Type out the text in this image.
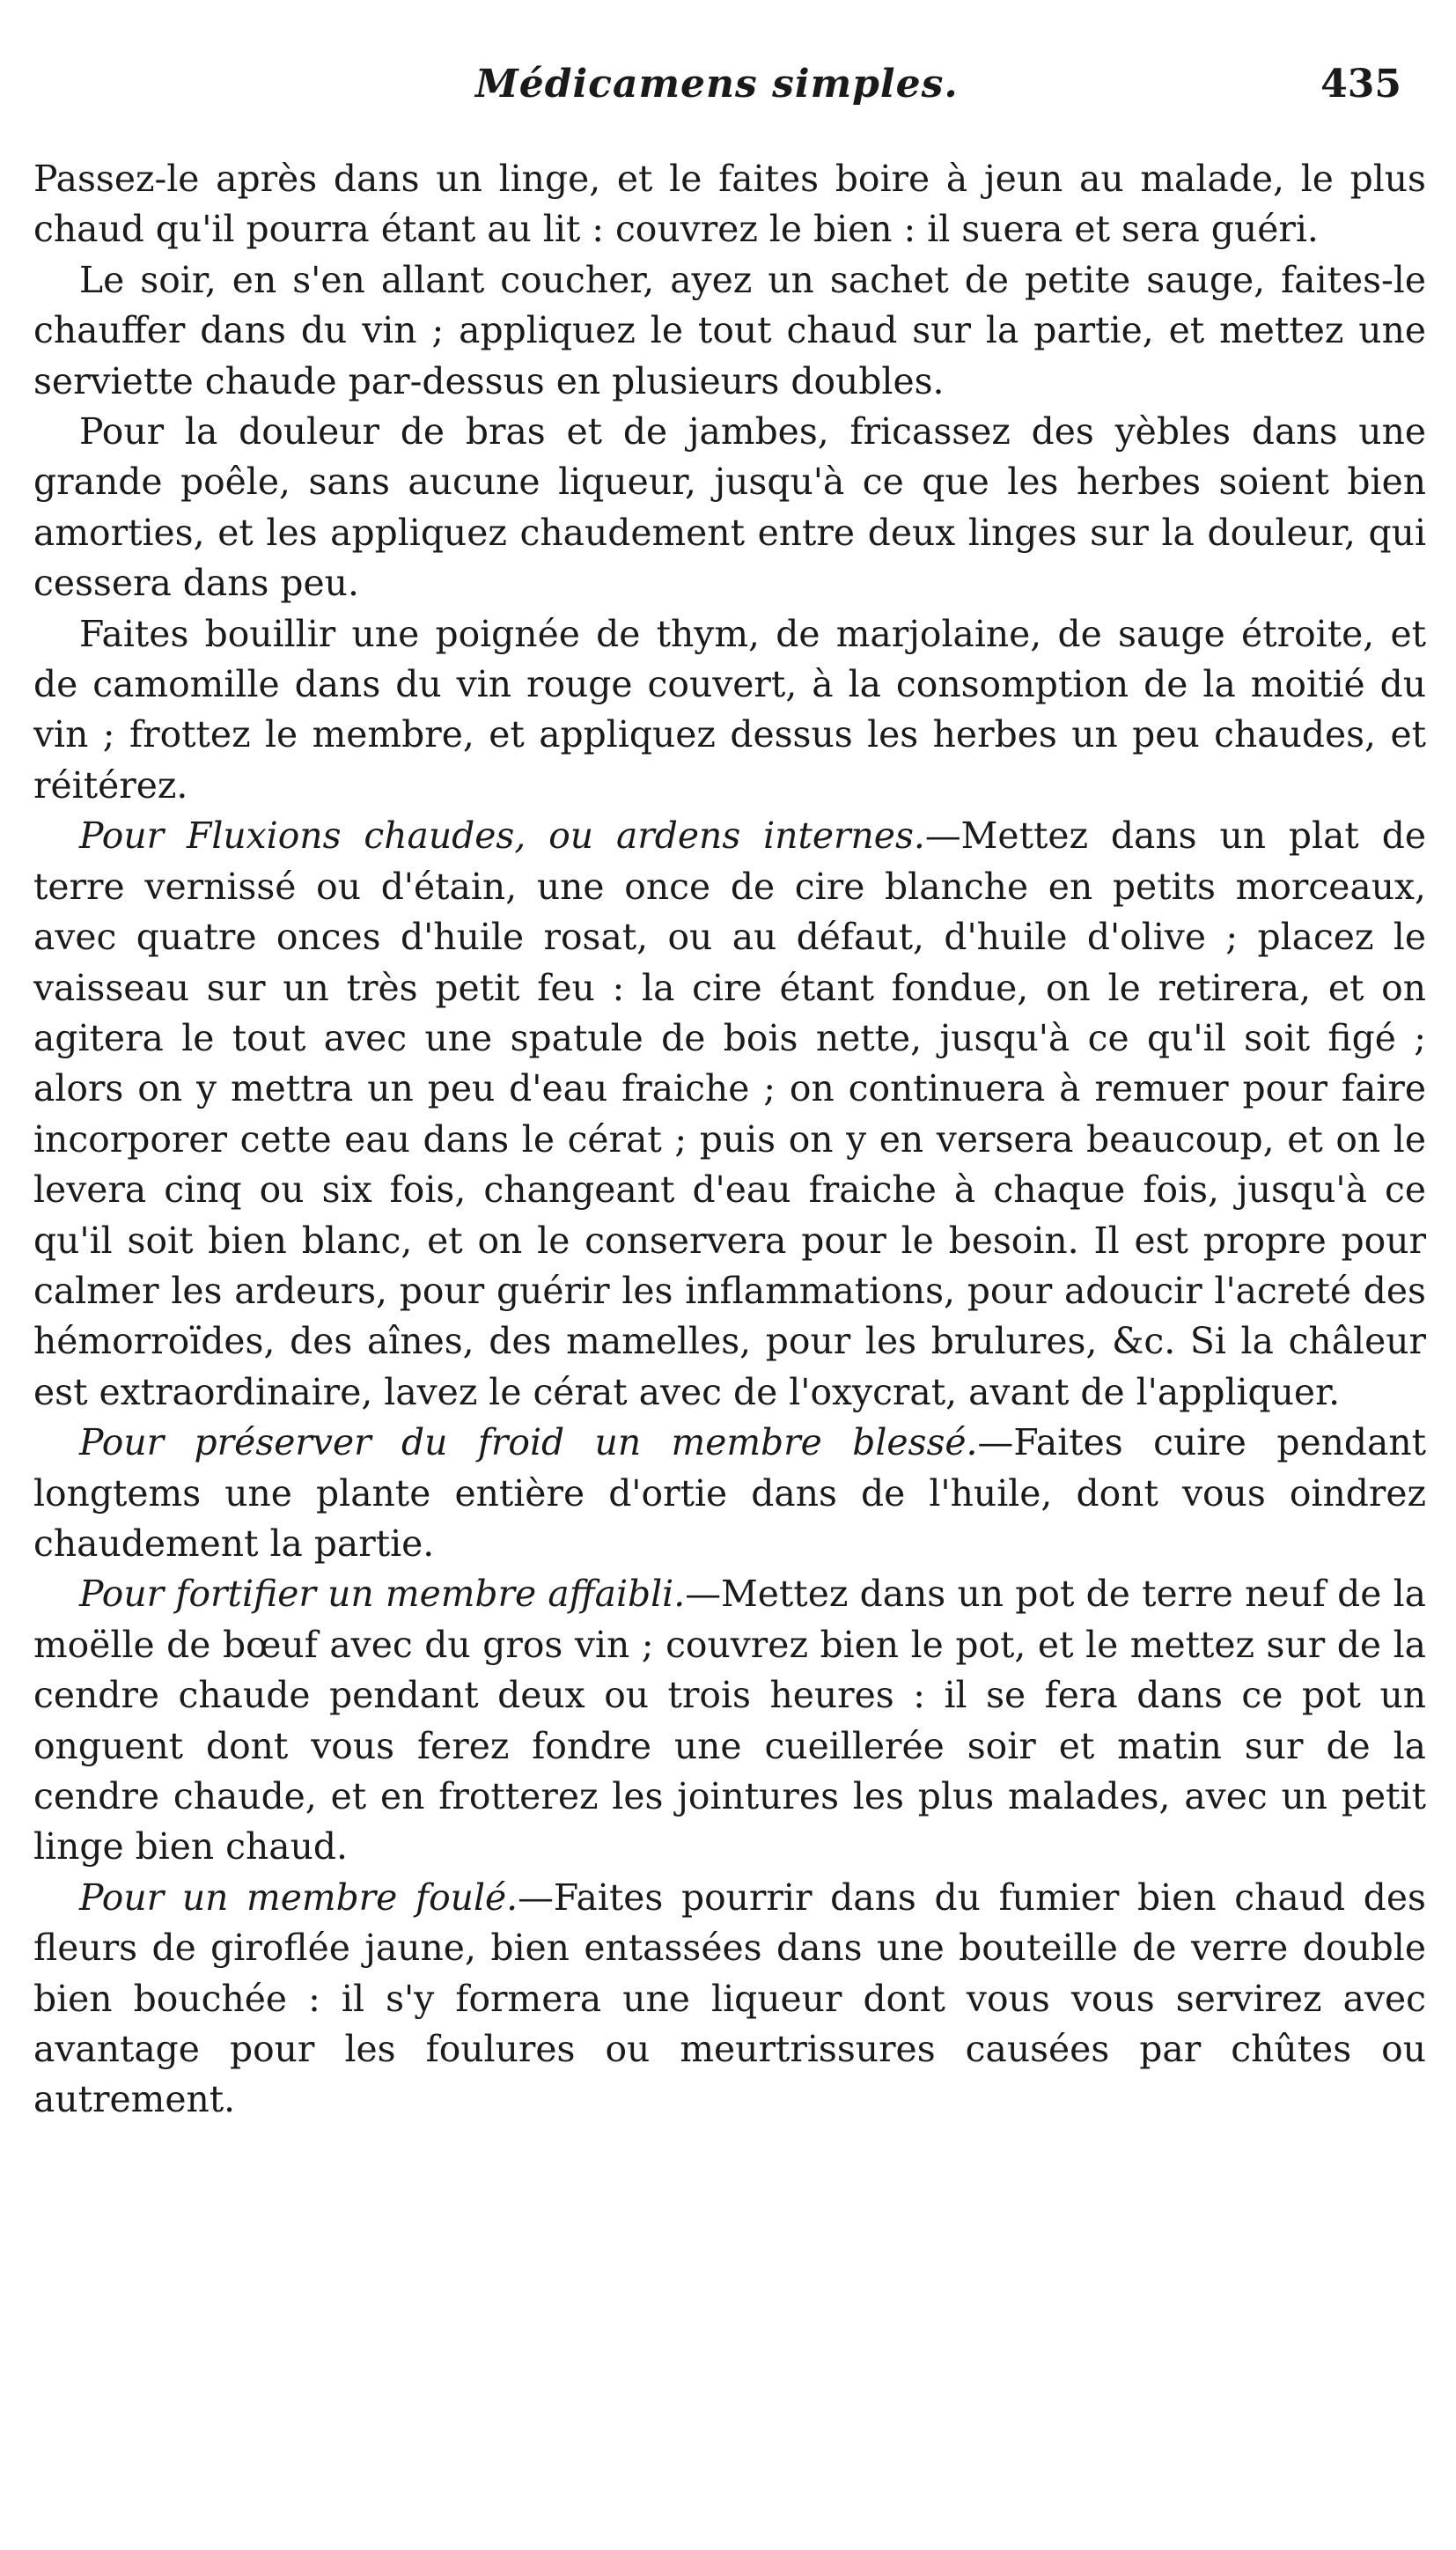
Médicamens simples.	435

Passez-le après dans un linge, et le faites boire à jeun au malade, le plus chaud qu'il pourra étant au lit : couvrez le bien : il suera et sera guéri.

Le soir, en s'en allant coucher, ayez un sachet de petite sauge, faites-le chauffer dans du vin ; appliquez le tout chaud sur la partie, et mettez une serviette chaude par-dessus en plusieurs doubles.

Pour la douleur de bras et de jambes, fricassez des yèbles dans une grande poêle, sans aucune liqueur, jusqu'à ce que les herbes soient bien amorties, et les appliquez chaudement entre deux linges sur la douleur, qui cessera dans peu.

Faites bouillir une poignée de thym, de marjolaine, de sauge étroite, et de camomille dans du vin rouge couvert, à la consomption de la moitié du vin ; frottez le membre, et appliquez dessus les herbes un peu chaudes, et réitérez.

Pour Fluxions chaudes, ou ardens internes.—Mettez dans un plat de terre vernissé ou d'étain, une once de cire blanche en petits morceaux, avec quatre onces d'huile rosat, ou au défaut, d'huile d'olive ; placez le vaisseau sur un très petit feu : la cire étant fondue, on le retirera, et on agitera le tout avec une spatule de bois nette, jusqu'à ce qu'il soit figé ; alors on y mettra un peu d'eau fraiche ; on continuera à remuer pour faire incorporer cette eau dans le cérat ; puis on y en versera beaucoup, et on le levera cinq ou six fois, changeant d'eau fraiche à chaque fois, jusqu'à ce qu'il soit bien blanc, et on le conservera pour le besoin. Il est propre pour calmer les ardeurs, pour guérir les inflammations, pour adoucir l'acreté des hémorroïdes, des aînes, des mamelles, pour les brulures, &c. Si la châleur est extraordinaire, lavez le cérat avec de l'oxycrat, avant de l'appliquer.

Pour préserver du froid un membre blessé.—Faites cuire pendant longtems une plante entière d'ortie dans de l'huile, dont vous oindrez chaudement la partie.

Pour fortifier un membre affaibli.—Mettez dans un pot de terre neuf de la moëlle de bœuf avec du gros vin ; couvrez bien le pot, et le mettez sur de la cendre chaude pendant deux ou trois heures : il se fera dans ce pot un onguent dont vous ferez fondre une cueillerée soir et matin sur de la cendre chaude, et en frotterez les jointures les plus malades, avec un petit linge bien chaud.

Pour un membre foulé.—Faites pourrir dans du fumier bien chaud des fleurs de giroflée jaune, bien entassées dans une bouteille de verre double bien bouchée : il s'y formera une liqueur dont vous vous servirez avec avantage pour les foulures ou meurtrissures causées par chûtes ou autrement.
